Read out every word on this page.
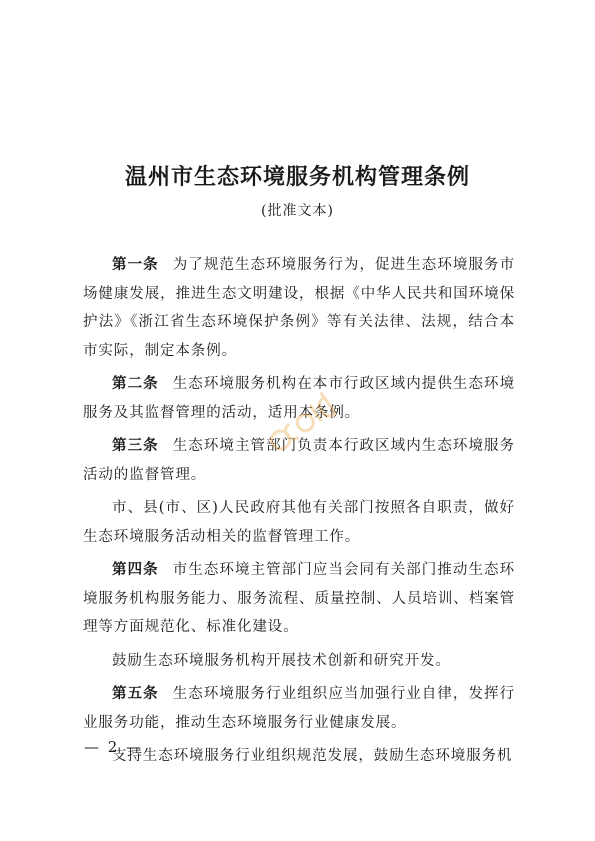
温州市生态环境服务机构管理条例
(批准文本)

第一条 为了规范生态环境服务行为，促进生态环境服务市场健康发展，推进生态文明建设，根据《中华人民共和国环境保护法》《浙江省生态环境保护条例》等有关法律、法规，结合本市实际，制定本条例。

第二条 生态环境服务机构在本市行政区域内提供生态环境服务及其监督管理的活动，适用本条例。

第三条 生态环境主管部门负责本行政区域内生态环境服务活动的监督管理。

市、县(市、区)人民政府其他有关部门按照各自职责，做好生态环境服务活动相关的监督管理工作。

第四条 市生态环境主管部门应当会同有关部门推动生态环境服务机构服务能力、服务流程、质量控制、人员培训、档案管理等方面规范化、标准化建设。

鼓励生态环境服务机构开展技术创新和研究开发。

第五条 生态环境服务行业组织应当加强行业自律，发挥行业服务功能，推动生态环境服务行业健康发展。

支持生态环境服务行业组织规范发展，鼓励生态环境服务机

— 2 —
